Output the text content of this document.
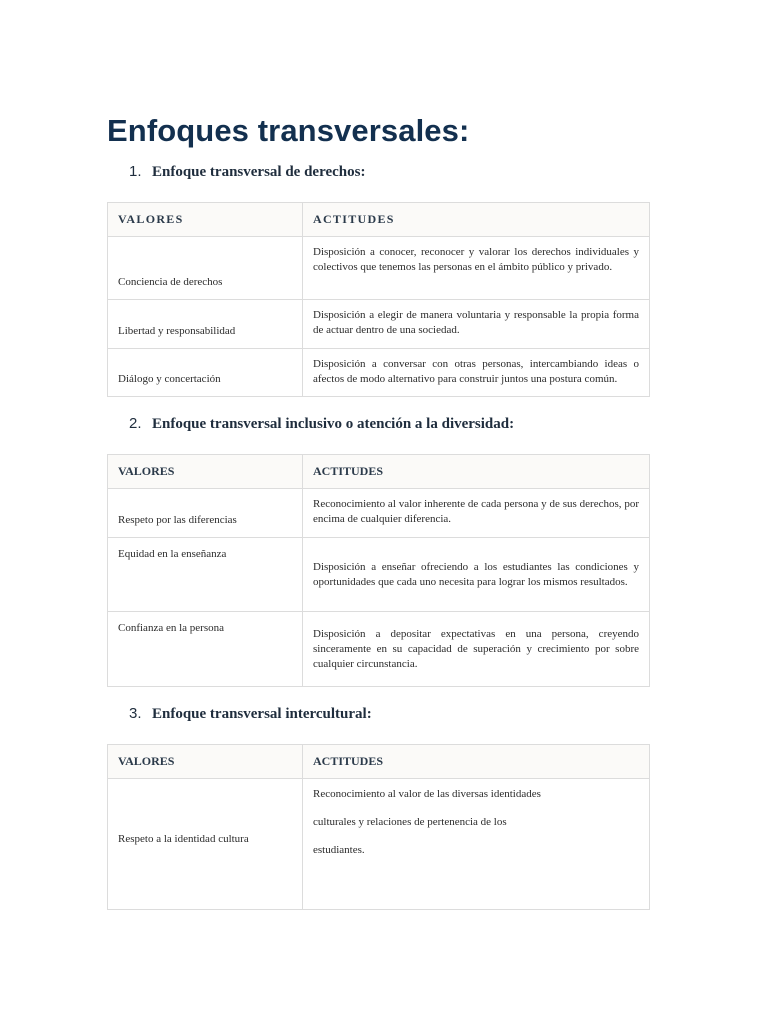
Enfoques transversales:
1. Enfoque transversal de derechos:
VALORES	ACTITUDES
Conciencia de derechos	Disposición a conocer, reconocer y valorar los derechos individuales y colectivos que tenemos las personas en el ámbito público y privado.
Libertad y responsabilidad	Disposición a elegir de manera voluntaria y responsable la propia forma de actuar dentro de una sociedad.
Diálogo y concertación	Disposición a conversar con otras personas, intercambiando ideas o afectos de modo alternativo para construir juntos una postura común.
2. Enfoque transversal inclusivo o atención a la diversidad:
VALORES	ACTITUDES
Respeto por las diferencias	Reconocimiento al valor inherente de cada persona y de sus derechos, por encima de cualquier diferencia.
Equidad en la enseñanza	Disposición a enseñar ofreciendo a los estudiantes las condiciones y oportunidades que cada uno necesita para lograr los mismos resultados.
Confianza en la persona	Disposición a depositar expectativas en una persona, creyendo sinceramente en su capacidad de superación y crecimiento por sobre cualquier circunstancia.
3. Enfoque transversal intercultural:
VALORES	ACTITUDES
Respeto a la identidad cultura	Reconocimiento al valor de las diversas identidades

culturales y relaciones de pertenencia de los

estudiantes.
